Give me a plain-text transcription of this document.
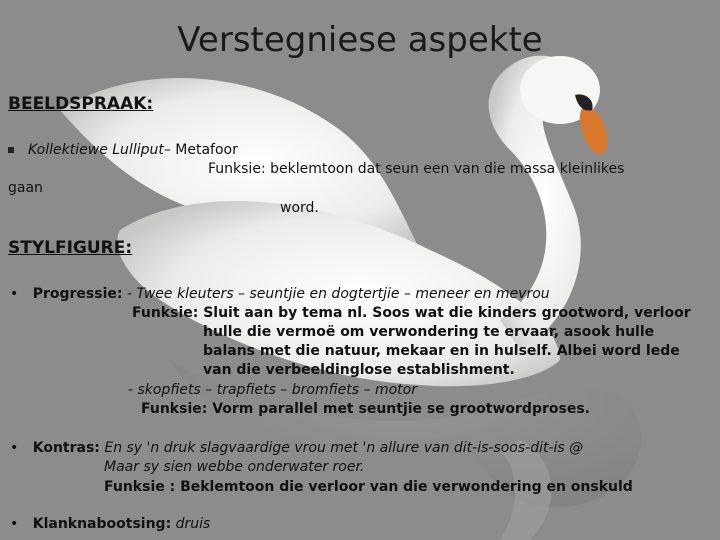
Verstegniese aspekte
BEELDSPRAAK:
Kollektiewe Lulliput– Metafoor
Funksie: beklemtoon dat seun een van die massa kleinlikes
gaan
word.
STYLFIGURE:
• Progressie: - Twee kleuters – seuntjie en dogtertjie – meneer en mevrou
Funksie: Sluit aan by tema nl. Soos wat die kinders grootword, verloor
hulle die vermoë om verwondering te ervaar, asook hulle
balans met die natuur, mekaar en in hulself. Albei word lede
van die verbeeldinglose establishment.
- skopfiets – trapfiets – bromfiets – motor
Funksie: Vorm parallel met seuntjie se grootwordproses.
• Kontras: En sy 'n druk slagvaardige vrou met 'n allure van dit-is-soos-dit-is @
Maar sy sien webbe onderwater roer.
Funksie : Beklemtoon die verloor van die verwondering en onskuld
• Klanknabootsing: druis
